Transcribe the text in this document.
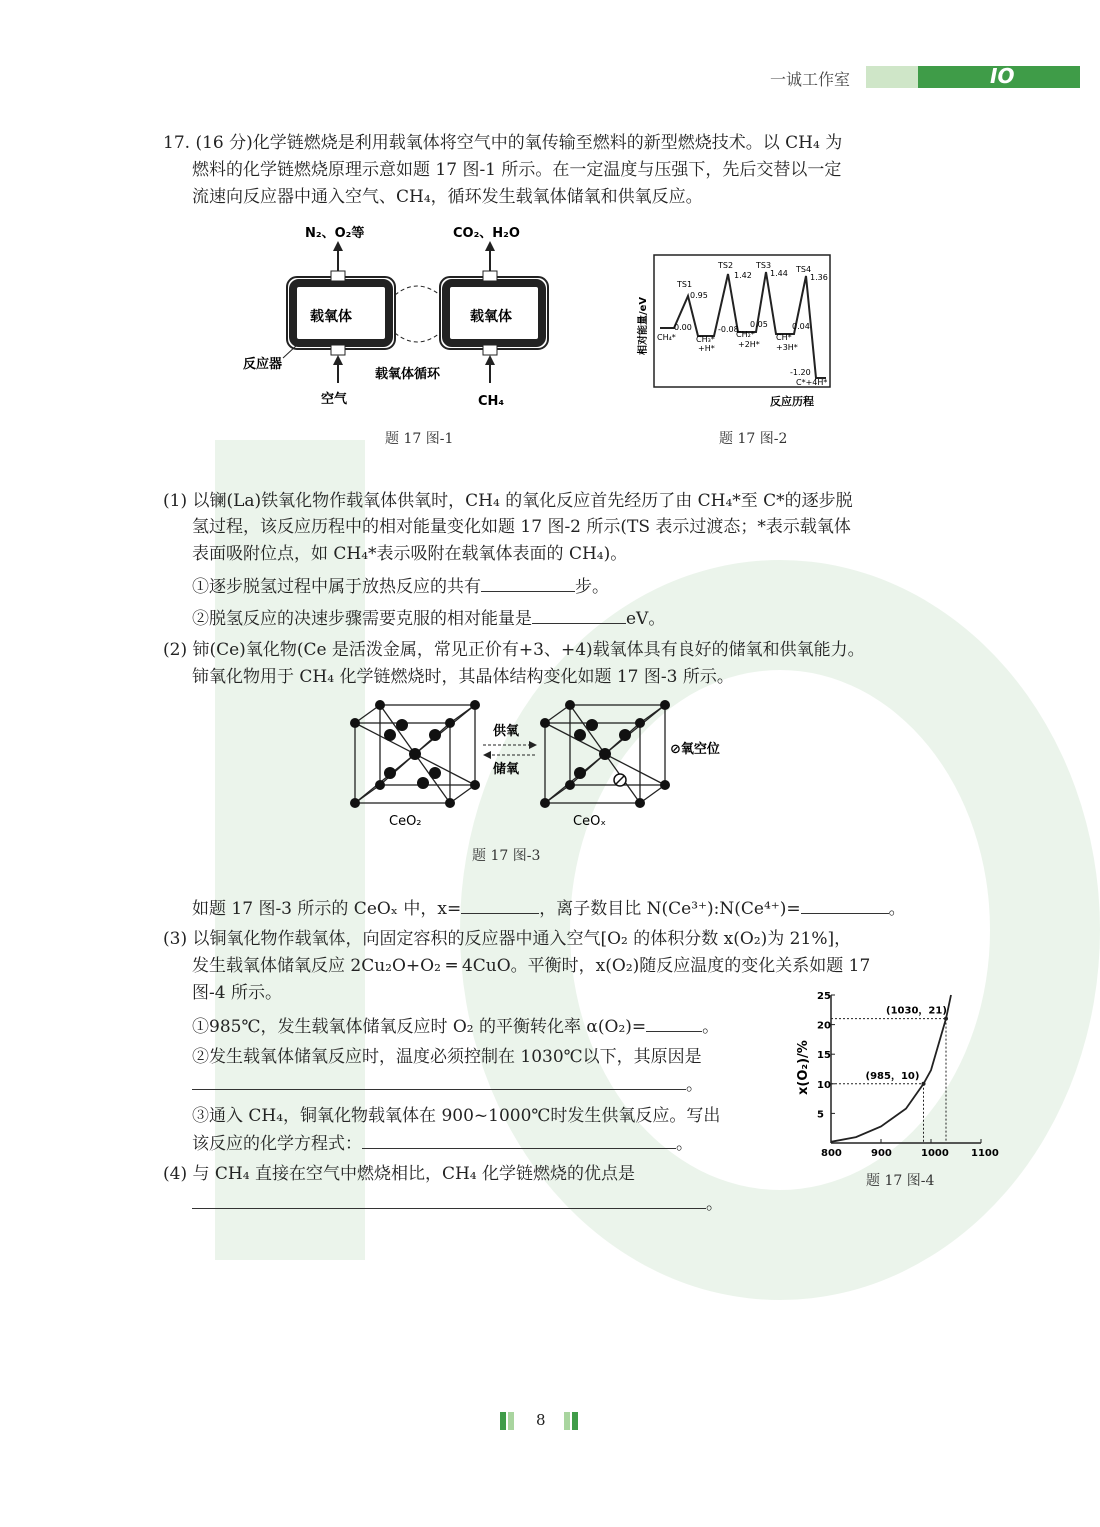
一诚工作室	IO
17. (16 分)化学链燃烧是利用载氧体将空气中的氧传输至燃料的新型燃烧技术。以 CH₄ 为
燃料的化学链燃烧原理示意如题 17 图-1 所示。在一定温度与压强下，先后交替以一定
流速向反应器中通入空气、CH₄，循环发生载氧体储氧和供氧反应。
N₂、O₂等	CO₂、H₂O
载氧体	载氧体
反应器
载氧体循环
空气	CH₄
题 17 图-1
相对能量/eV
反应历程
TS1
0.95
TS2
1.42
TS3
1.44 TS4
1.36
0.00
CH₄*
-0.08
CH₃*
+H*
0.05
CH₂*
+2H*
0.04
CH*
+3H*
-1.20
C*+4H*
题 17 图-2
(1) 以镧(La)铁氧化物作载氧体供氧时，CH₄ 的氧化反应首先经历了由 CH₄*至 C*的逐步脱
氢过程，该反应历程中的相对能量变化如题 17 图-2 所示(TS 表示过渡态；*表示载氧体
表面吸附位点，如 CH₄*表示吸附在载氧体表面的 CH₄)。
①逐步脱氢过程中属于放热反应的共有	步。
②脱氢反应的决速步骤需要克服的相对能量是	eV。
(2) 铈(Ce)氧化物(Ce 是活泼金属，常见正价有+3、+4)载氧体具有良好的储氧和供氧能力。
铈氧化物用于 CH₄ 化学链燃烧时，其晶体结构变化如题 17 图-3 所示。
供氧
储氧
⊘氧空位
CeO₂	CeOₓ
题 17 图-3
如题 17 图-3 所示的 CeOₓ 中，x=	，离子数目比 N(Ce³⁺):N(Ce⁴⁺)=	。
(3) 以铜氧化物作载氧体，向固定容积的反应器中通入空气[O₂ 的体积分数 x(O₂)为 21%]，
发生载氧体储氧反应 2Cu₂O+O₂ ═ 4CuO。平衡时，x(O₂)随反应温度的变化关系如题 17
图-4 所示。
①985℃，发生载氧体储氧反应时 O₂ 的平衡转化率 α(O₂)=	。
②发生载氧体储氧反应时，温度必须控制在 1030℃以下，其原因是
。
③通入 CH₄，铜氧化物载氧体在 900~1000℃时发生供氧反应。写出
该反应的化学方程式：	。
x(O₂)/%
800	900	1000 1100
5
10
15
20
25
(1030，21)
(985，10)
题 17 图-4
(4) 与 CH₄ 直接在空气中燃烧相比，CH₄ 化学链燃烧的优点是
。
8
